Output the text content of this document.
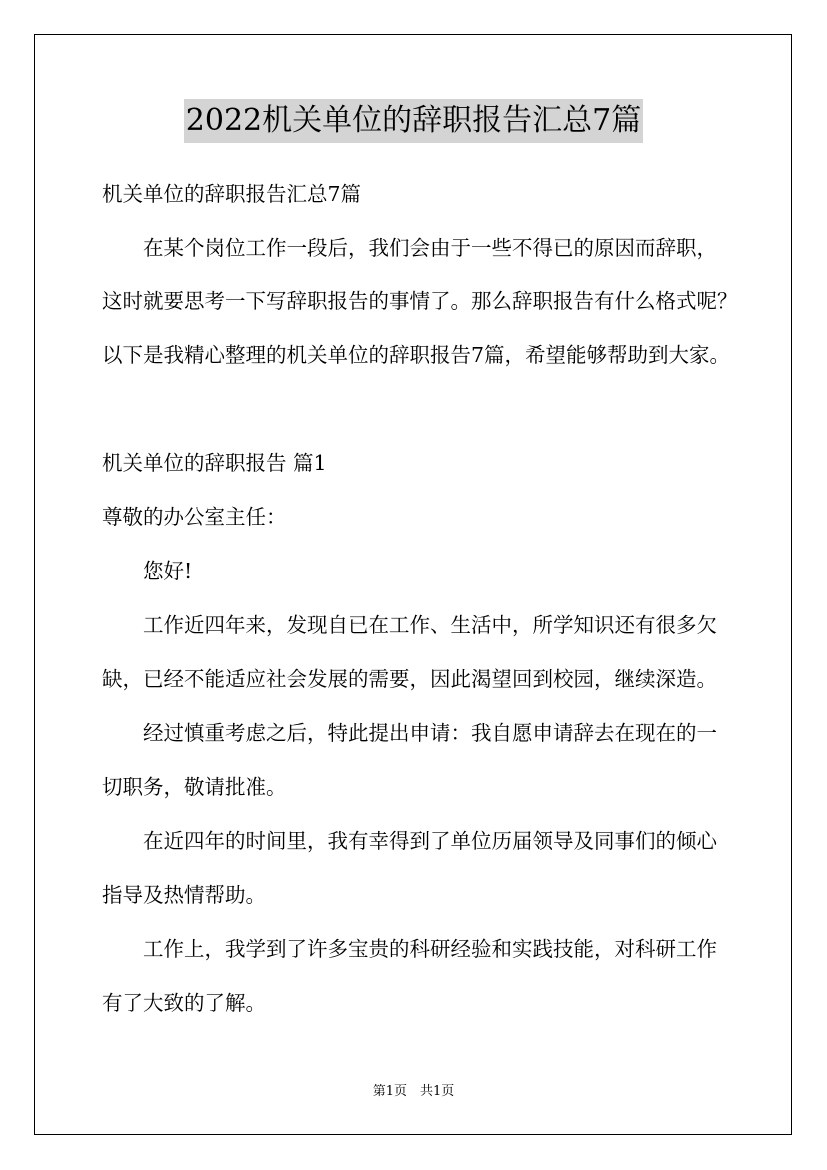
2022机关单位的辞职报告汇总7篇
机关单位的辞职报告汇总7篇
在某个岗位工作一段后，我们会由于一些不得已的原因而辞职，
这时就要思考一下写辞职报告的事情了。那么辞职报告有什么格式呢？
以下是我精心整理的机关单位的辞职报告7篇，希望能够帮助到大家。
机关单位的辞职报告 篇1
尊敬的办公室主任：
您好!
工作近四年来，发现自已在工作、生活中，所学知识还有很多欠
缺，已经不能适应社会发展的需要，因此渴望回到校园，继续深造。
经过慎重考虑之后，特此提出申请：我自愿申请辞去在现在的一
切职务，敬请批准。
在近四年的时间里，我有幸得到了单位历届领导及同事们的倾心
指导及热情帮助。
工作上，我学到了许多宝贵的科研经验和实践技能，对科研工作
有了大致的了解。
第1页　共1页
